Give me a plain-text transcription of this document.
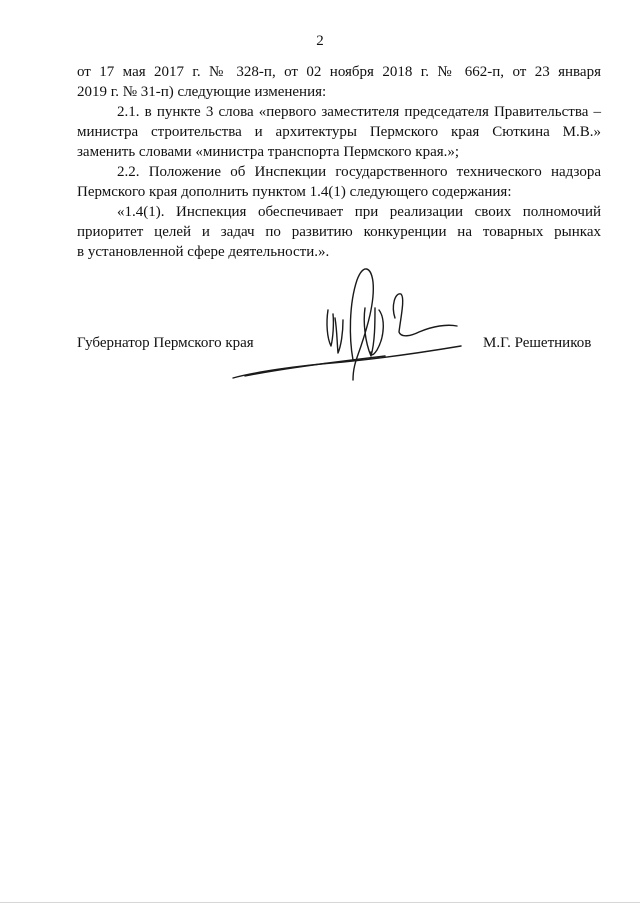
2
от 17 мая 2017 г. № 328-п, от 02 ноября 2018 г. № 662-п, от 23 января
2019 г. № 31-п) следующие изменения:
2.1. в пункте 3 слова «первого заместителя председателя Правительства –
министра строительства и архитектуры Пермского края Сюткина М.В.»
заменить словами «министра транспорта Пермского края.»;
2.2. Положение об Инспекции государственного технического надзора
Пермского края дополнить пунктом 1.4(1) следующего содержания:
«1.4(1). Инспекция обеспечивает при реализации своих полномочий
приоритет целей и задач по развитию конкуренции на товарных рынках
в установленной сфере деятельности.».
Губернатор Пермского края	М.Г. Решетников
